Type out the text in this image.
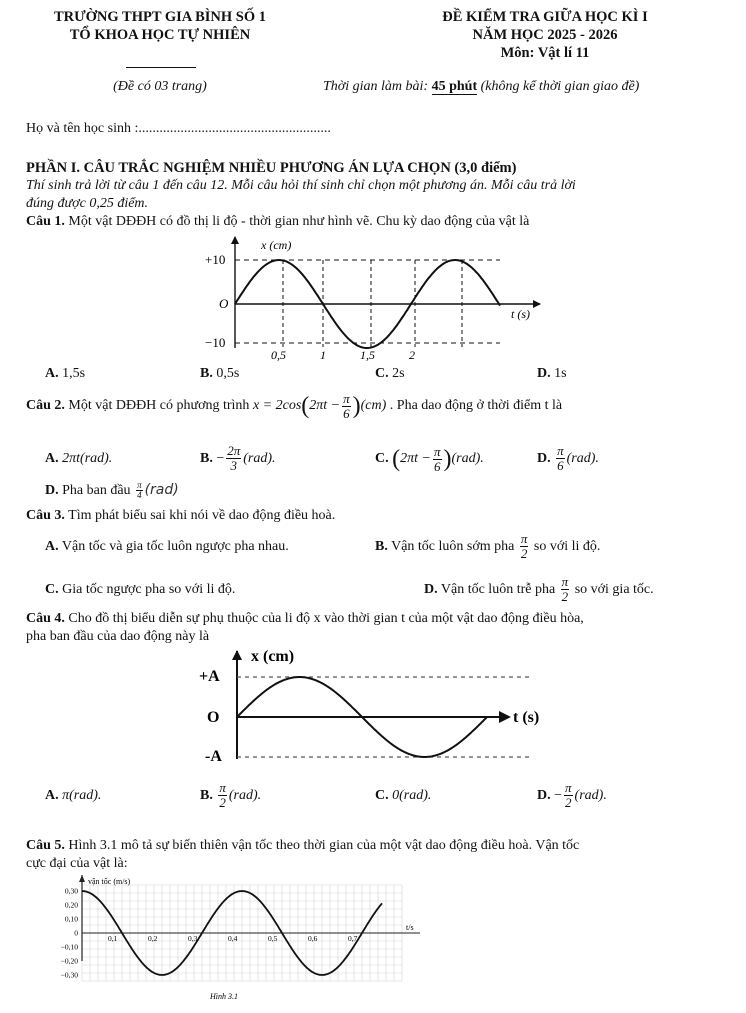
TRƯỜNG THPT GIA BÌNH SỐ 1
TỔ KHOA HỌC TỰ NHIÊN
(Đề có 03 trang)
ĐỀ KIỂM TRA GIỮA HỌC KÌ I
NĂM HỌC 2025 - 2026
Môn: Vật lí 11
Thời gian làm bài: 45 phút (không kể thời gian giao đề)
Họ và tên học sinh :.......................................................
PHẦN I. CÂU TRẮC NGHIỆM NHIỀU PHƯƠNG ÁN LỰA CHỌN (3,0 điểm)
Thí sinh trả lời từ câu 1 đến câu 12. Mỗi câu hỏi thí sinh chỉ chọn một phương án. Mỗi câu trả lời
đúng được 0,25 điểm.
Câu 1. Một vật DĐĐH có đồ thị li độ - thời gian như hình vẽ. Chu kỳ dao động của vật là
x (cm)
t (s)
+10
O
−10
0,5	1	1,5	2
A. 1,5s	B. 0,5s	C. 2s	D. 1s
Câu 2. Một vật DĐĐH có phương trình $x = 2\cos(2\pi t - \frac{\pi}{6} )(cm)$ . Pha dao động ở thời điểm t là
A. 2πt(rad).	B. − $\frac{2\pi}{3} (rad)$.	C. $(2\pi t - \frac{\pi}{6} )(rad)$.	D. $\frac{\pi}{6} (rad)$.
D. Pha ban đầu $\frac{\pi}{4} (rad)$
Câu 3. Tìm phát biểu sai khi nói về dao động điều hoà.
A. Vận tốc và gia tốc luôn ngược pha nhau.	B. Vận tốc luôn sớm pha $\frac{\pi}{2}$ so với li độ.
C. Gia tốc ngược pha so với li độ.	D. Vận tốc luôn trễ pha $\frac{\pi}{2}$ so với gia tốc.
Câu 4. Cho đồ thị biểu diễn sự phụ thuộc của li độ x vào thời gian t của một vật dao động điều hòa,
pha ban đầu của dao động này là
x (cm)
t (s)
+A
O
-A
A. π(rad).	B. $\frac{\pi}{2} (rad)$.	C. 0(rad).	D. − $\frac{\pi}{2} (rad)$.
Câu 5. Hình 3.1 mô tả sự biến thiên vận tốc theo thời gian của một vật dao động điều hoà. Vận tốc
cực đại của vật là:
vận tốc (m/s)
t/s
0,30
0,20
0,10
0
−0,10
−0,20
−0,30
0,1	0,2	0,3	0,4	0,5	0,6	0,7
Hình 3.1
